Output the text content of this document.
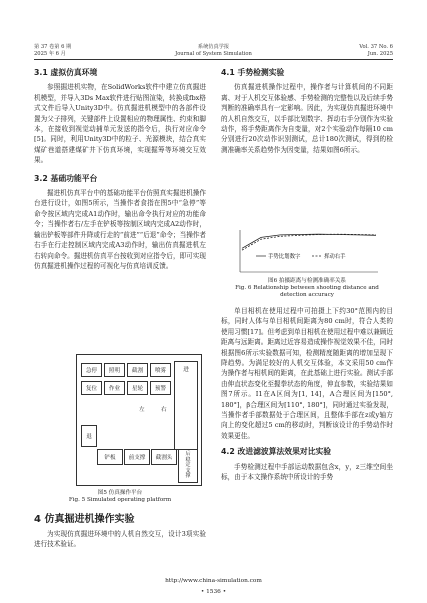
第 37 卷第 6 期
2025 年 6 月
系统仿真学报
Journal of System Simulation
Vol. 37 No. 6
Jun. 2025
3.1 虚拟仿真环境

参照掘进机实物，在SolidWorks软件中建立仿真掘进机模型，并导入3Ds Max软件进行贴图渲染，转换成fbx格式文件后导入Unity3D中。仿真掘进机模型中的各部件设置为父子排列，关键部件上设置相应的物理属性、约束和脚本，在接收到视觉动捕单元发送的指令后，执行对应命令[5]。同时，利用Unity3D中的粒子、光源模块，结合真实煤矿巷道搭建煤矿井下仿真环境，实现掘筹等环境交互效果。

3.2 基础功能平台

掘进机仿真平台中的基础功能平台仿照真实掘进机操作台进行设计，如图5所示，当操作者食指在图5中“急停”等命令按区域内完成A1动作时，输出命令执行对应的功能命令；当操作者右/左手在铲板等按制区域内完成A2动作时，输出铲板等部件升降或行走的“前进”“后退”命令；当操作者右手在行走控制区域内完成A3动作时，输出仿真掘进机左右转向命令。掘进机仿真平台按收到对应指令后，即可实现仿真掘进机操作过程的可视化与仿真培训反馈。

急停	照明	截割	喷雾
复位	作业	星轮	预警
进
左	右
退
铲板	前支撑	截割头
后
稳
定
支
撑
图5 仿真操作平台
Fig. 5 Simulated operating platform
4 仿真掘进机操作实验

为实现仿真掘进环境中的人机自然交互，设计3项实验进行技术验证。

4.1 手势检测实验

仿真掘进机操作过程中，操作者与计算机间的不同距离、对于人机交互体验感、手势检测的完整性以及后续手势判断的准确率具有一定影响。因此，为实现仿真掘进环境中的人机自然交互，以手部比划数字、挥动右手分别作为实验动作，将手势距离作为自变量，对2个实验动作每隔10 cm分别进行20次动作识别测试，总计180次测试，得到的检测准确率关系趋势作为因变量，结果如图6所示。

手势比划数字	挥动右手
图6 拍摄距离与检测准确率关系
Fig. 6 Relationship between shooting distance and detection accuracy

单目相机在使用过程中可拍摄上下约30°范围内的目标，同时人体与单目相机间距离为80 cm时，符合人类的使用习惯[17]。但考虑到单目相机在使用过程中难以兼顾近距离与远距离。距离过近容易造成操作视觉效果不佳，同时根据图6所示实验数据可知，检测精度随距离的增加呈现下降趋势。为满足较好的人机交互体验，本文采用50 cm作为操作者与相机间的距离，在此基础上进行实验。测试手部由伸直状态变化至握拳状态的角度，伸直参数，实验结果如图7所示。I1在A区间为[1, 14]，A合理区间为[150°, 180°]，β合理区间为[110°, 180°]，同时通过实验发现，当操作者手部数据处于合理区间，且整体手部在z或y轴方向上的变化超过5 cm的移动时，判断该设计的手势动作时效果更佳。

4.2 改进滤波算法效果对比实验

手势检测过程中手部运动数据包含x，y，z三维空间坐标，由于本文操作系统中所设计的手势

http://www.china-simulation.com
• 1536 •
